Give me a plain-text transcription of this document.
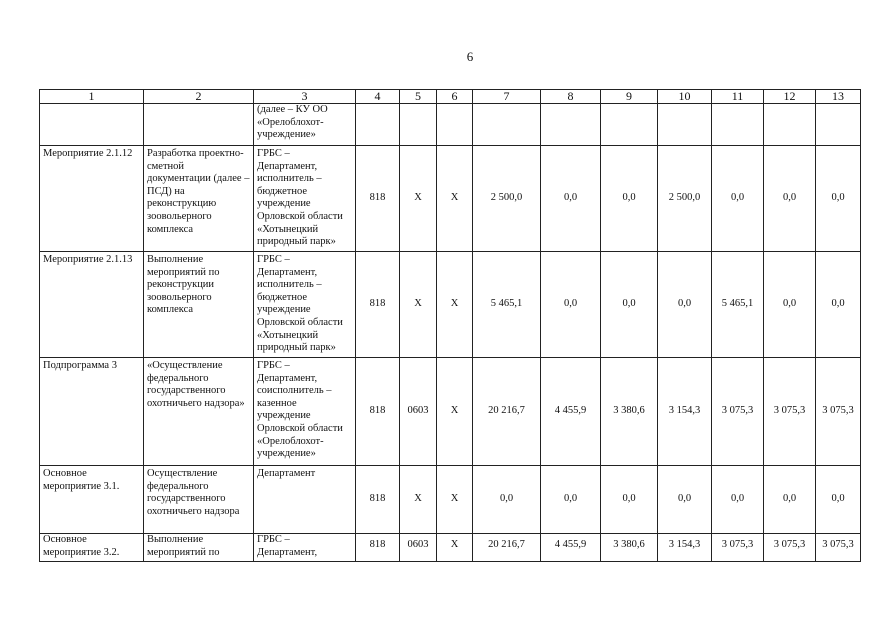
6
1	2	3	4	5	6	7	8	9	10	11	12	13
		(далее – КУ ОО «Орелоблохот-учреждение»										
Мероприятие 2.1.12	Разработка проектно-сметной документации (далее – ПСД) на реконструкцию зоовольерного комплекса	ГРБС – Департамент, исполнитель – бюджетное учреждение Орловской области «Хотынецкий природный парк»	818	Х	Х	2 500,0	0,0	0,0	2 500,0	0,0	0,0	0,0
Мероприятие 2.1.13	Выполнение мероприятий по реконструкции зоовольерного комплекса	ГРБС – Департамент, исполнитель – бюджетное учреждение Орловской области «Хотынецкий природный парк»	818	Х	Х	5 465,1	0,0	0,0	0,0	5 465,1	0,0	0,0
Подпрограмма 3	«Осуществление федерального государственного охотничьего надзора»	ГРБС – Департамент, соисполнитель – казенное учреждение Орловской области «Орелоблохот-учреждение»	818	0603	Х	20 216,7	4 455,9	3 380,6	3 154,3	3 075,3	3 075,3	3 075,3
Основное мероприятие 3.1.	Осуществление федерального государственного охотничьего надзора	Департамент	818	Х	Х	0,0	0,0	0,0	0,0	0,0	0,0	0,0
Основное мероприятие 3.2.	Выполнение мероприятий по	ГРБС – Департамент,	818	0603	Х	20 216,7	4 455,9	3 380,6	3 154,3	3 075,3	3 075,3	3 075,3
